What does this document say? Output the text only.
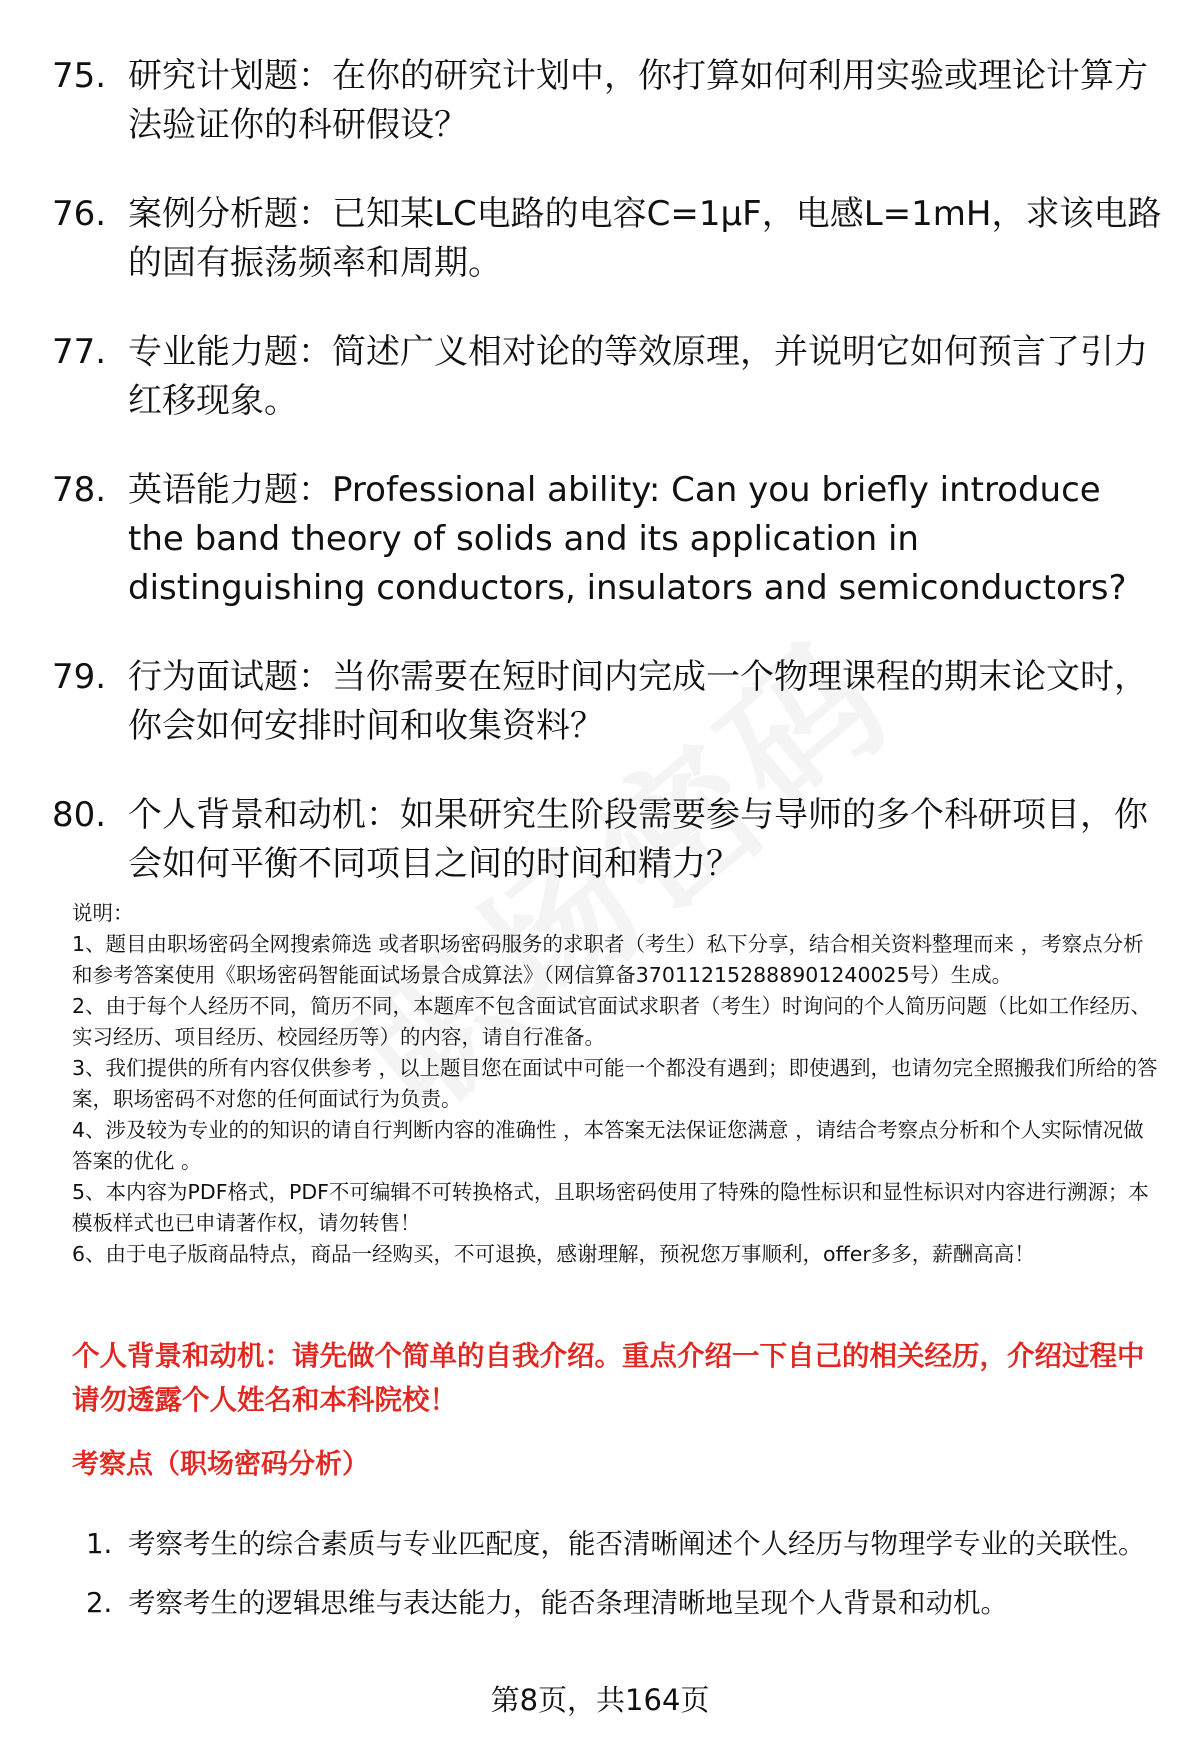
75. 研究计划题：在你的研究计划中，你打算如何利用实验或理论计算方法验证你的科研假设？
76. 案例分析题：已知某LC电路的电容C=1μF，电感L=1mH，求该电路的固有振荡频率和周期。
77. 专业能力题：简述广义相对论的等效原理，并说明它如何预言了引力红移现象。
78. 英语能力题：Professional ability: Can you briefly introduce the band theory of solids and its application in distinguishing conductors, insulators and semiconductors?
79. 行为面试题：当你需要在短时间内完成一个物理课程的期末论文时，你会如何安排时间和收集资料？
80. 个人背景和动机：如果研究生阶段需要参与导师的多个科研项目，你会如何平衡不同项目之间的时间和精力？

说明：

1、题目由职场密码全网搜索筛选 或者职场密码服务的求职者（考生）私下分享，结合相关资料整理而来 ，考察点分析和参考答案使用《职场密码智能面试场景合成算法》（网信算备370112152888901240025号）生成。

2、由于每个人经历不同，简历不同，本题库不包含面试官面试求职者（考生）时询问的个人简历问题（比如工作经历、实习经历、项目经历、校园经历等）的内容，请自行准备。

3、我们提供的所有内容仅供参考 ，以上题目您在面试中可能一个都没有遇到；即使遇到，也请勿完全照搬我们所给的答案，职场密码不对您的任何面试行为负责。

4、涉及较为专业的的知识的请自行判断内容的准确性 ，本答案无法保证您满意 ，请结合考察点分析和个人实际情况做答案的优化 。

5、本内容为PDF格式，PDF不可编辑不可转换格式，且职场密码使用了特殊的隐性标识和显性标识对内容进行溯源；本模板样式也已申请著作权，请勿转售！

6、由于电子版商品特点，商品一经购买，不可退换，感谢理解，预祝您万事顺利，offer多多，薪酬高高！

个人背景和动机：请先做个简单的自我介绍。重点介绍一下自己的相关经历，介绍过程中请勿透露个人姓名和本科院校！
考察点（职场密码分析）
1. 考察考生的综合素质与专业匹配度，能否清晰阐述个人经历与物理学专业的关联性。
2. 考察考生的逻辑思维与表达能力，能否条理清晰地呈现个人背景和动机。
第8页，共164页
